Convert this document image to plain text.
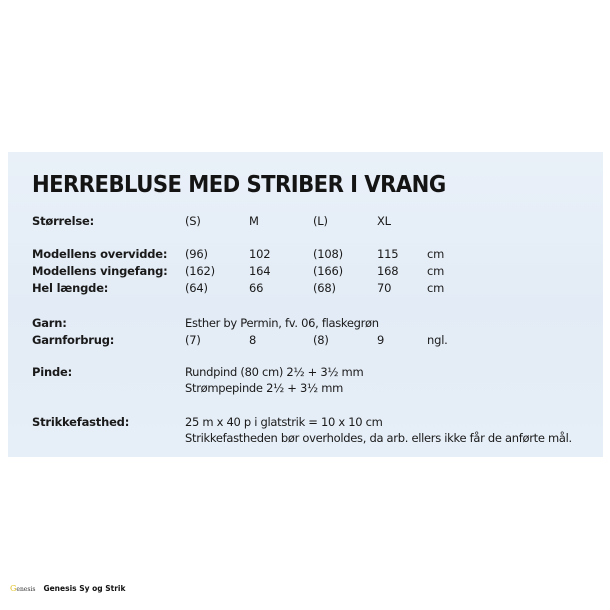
HERREBLUSE MED STRIBER I VRANG
Størrelse:	(S)	M	(L)	XL
Modellens overvidde: (96)	102	(108)	115 cm
Modellens vingefang: (162)	164	(166)	168 cm
Hel længde:	(64)	66	(68)	70	cm
Garn:	Esther by Permin, fv. 06, flaskegrøn
Garnforbrug:	(7)	8	(8)	9	ngl.
Pinde:	Rundpind (80 cm) 2½ + 3½ mm
Strømpepinde 2½ + 3½ mm
Strikkefasthed:	25 m x 40 p i glatstrik = 10 x 10 cm
Strikkefastheden bør overholdes, da arb. ellers ikke får de anførte mål.
Genesis Genesis Sy og Strik
